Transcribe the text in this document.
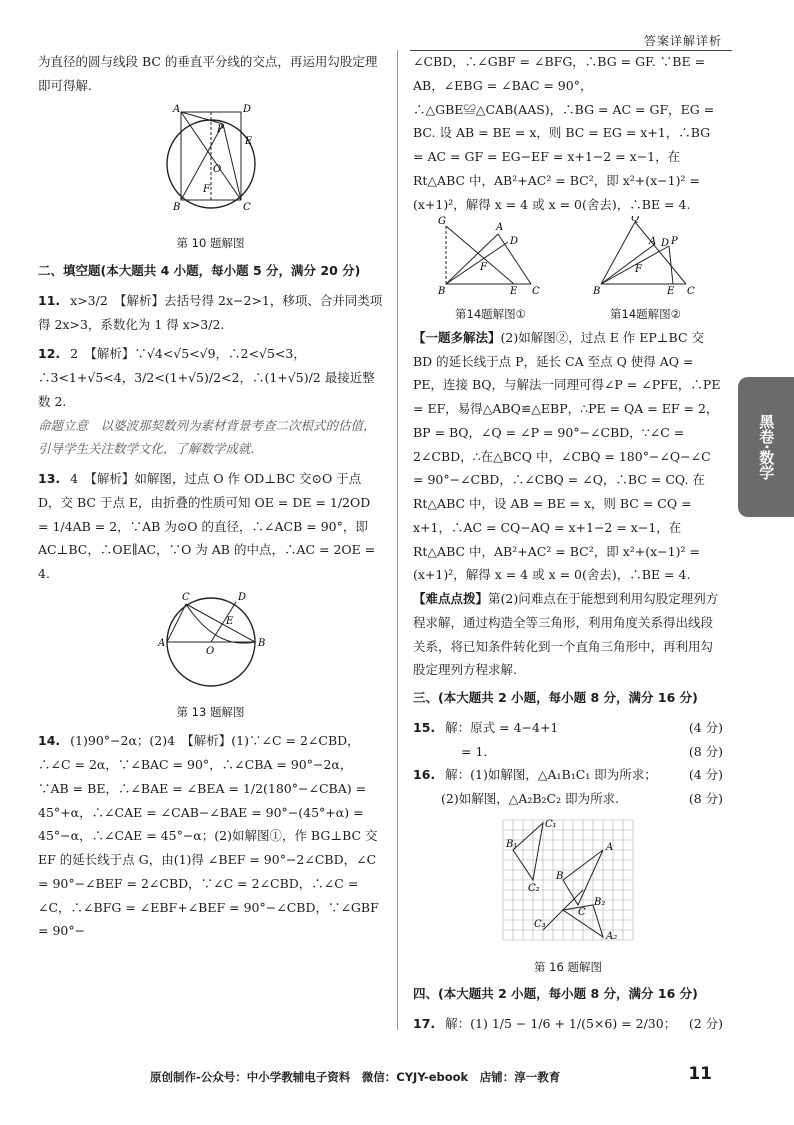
答案详解详析

为直径的圆与线段 BC 的垂直平分线的交点，再运用勾股定理即可得解.

A	D
B	C
P
O
F
E
第 10 题解图
二、填空题(本大题共 4 小题，每小题 5 分，满分 20 分)

11. x>3/2　【解析】去括号得 2x−2>1，移项、合并同类项得 2x>3，系数化为 1 得 x>3/2.

12. 2　【解析】∵√4<√5<√9，∴2<√5<3，∴3<1+√5<4，3/2<(1+√5)/2<2，∴(1+√5)/2 最接近整数 2.

命题立意　以婆波那契数列为素材背景考查二次根式的估值，引导学生关注数学文化，了解数学成就.

13. 4　【解析】如解图，过点 O 作 OD⊥BC 交⊙O 于点 D，交 BC 于点 E，由折叠的性质可知 OE = DE = 1/2OD = 1/4AB = 2，∵AB 为⊙O 的直径，∴∠ACB = 90°，即 AC⊥BC，∴OE∥AC，∵O 为 AB 的中点，∴AC = 2OE = 4.

A	B
C	D
E
O
第 13 题解图

14. (1)90°−2α；(2)4　【解析】(1)∵∠C = 2∠CBD，∴∠C = 2α，∵∠BAC = 90°，∴∠CBA = 90°−2α，∵AB = BE，∴∠BAE = ∠BEA = 1/2(180°−∠CBA) = 45°+α，∴∠CAE = ∠CAB−∠BAE = 90°−(45°+α) = 45°−α，∴∠CAE = 45°−α；(2)如解图①，作 BG⊥BC 交 EF 的延长线于点 G，由(1)得 ∠BEF = 90°−2∠CBD，∠C = 90°−∠BEF = 2∠CBD，∵∠C = 2∠CBD，∴∠C = ∠C，∴∠BFG = ∠EBF+∠BEF = 90°−∠CBD，∵∠GBF = 90°−

∠CBD，∴∠GBF = ∠BFG，∴BG = GF. ∵BE = AB，∠EBG = ∠BAC = 90°，∴△GBE≌△CAB(AAS)，∴BG = AC = GF，EG = BC. 设 AB = BE = x，则 BC = EG = x+1，∴BG = AC = GF = EG−EF = x+1−2 = x−1，在 Rt△ABC 中，AB²+AC² = BC²，即 x²+(x−1)² = (x+1)²，解得 x = 4 或 x = 0(舍去)，∴BE = 4.

G
A
D
F
B	E C
第14题解图①
Q
A D P
F
B	E C
第14题解图②

【一题多解法】(2)如解图②，过点 E 作 EP⊥BC 交 BD 的延长线于点 P，延长 CA 至点 Q 使得 AQ = PE，连接 BQ，与解法一同理可得∠P = ∠PFE，∴PE = EF，易得△ABQ≌△EBP，∴PE = QA = EF = 2，BP = BQ，∠Q = ∠P = 90°−∠CBD，∵∠C = 2∠CBD，∴在△BCQ 中，∠CBQ = 180°−∠Q−∠C = 90°−∠CBD，∴∠CBQ = ∠Q，∴BC = CQ. 在 Rt△ABC 中，设 AB = BE = x，则 BC = CQ = x+1，∴AC = CQ−AQ = x+1−2 = x−1，在 Rt△ABC 中，AB²+AC² = BC²，即 x²+(x−1)² = (x+1)²，解得 x = 4 或 x = 0(舍去)，∴BE = 4.

【难点点拨】第(2)问难点在于能想到利用勾股定理列方程求解，通过构造全等三角形，利用角度关系得出线段关系，将已知条件转化到一个直角三角形中，再利用勾股定理列方程求解.

三、(本大题共 2 小题，每小题 8 分，满分 16 分)
15. 解：原式 = 4−4+1	(4 分)
= 1.	(8 分)
16. 解：(1)如解图，△A₁B₁C₁ 即为所求；	(4 分)
(2)如解图，△A₂B₂C₂ 即为所求.	(8 分)
C₁
B₁
C₂
A
B
C
B₂
A₂
C₃
第 16 题解图
四、(本大题共 2 小题，每小题 8 分，满分 16 分)
17. 解：(1) 1/5 − 1/6 + 1/(5×6) = 2/30； (2 分)
黑卷·数学
原创制作-公众号：中小学教辅电子资料　微信：CYJY-ebook　店铺：淳一教育	11
